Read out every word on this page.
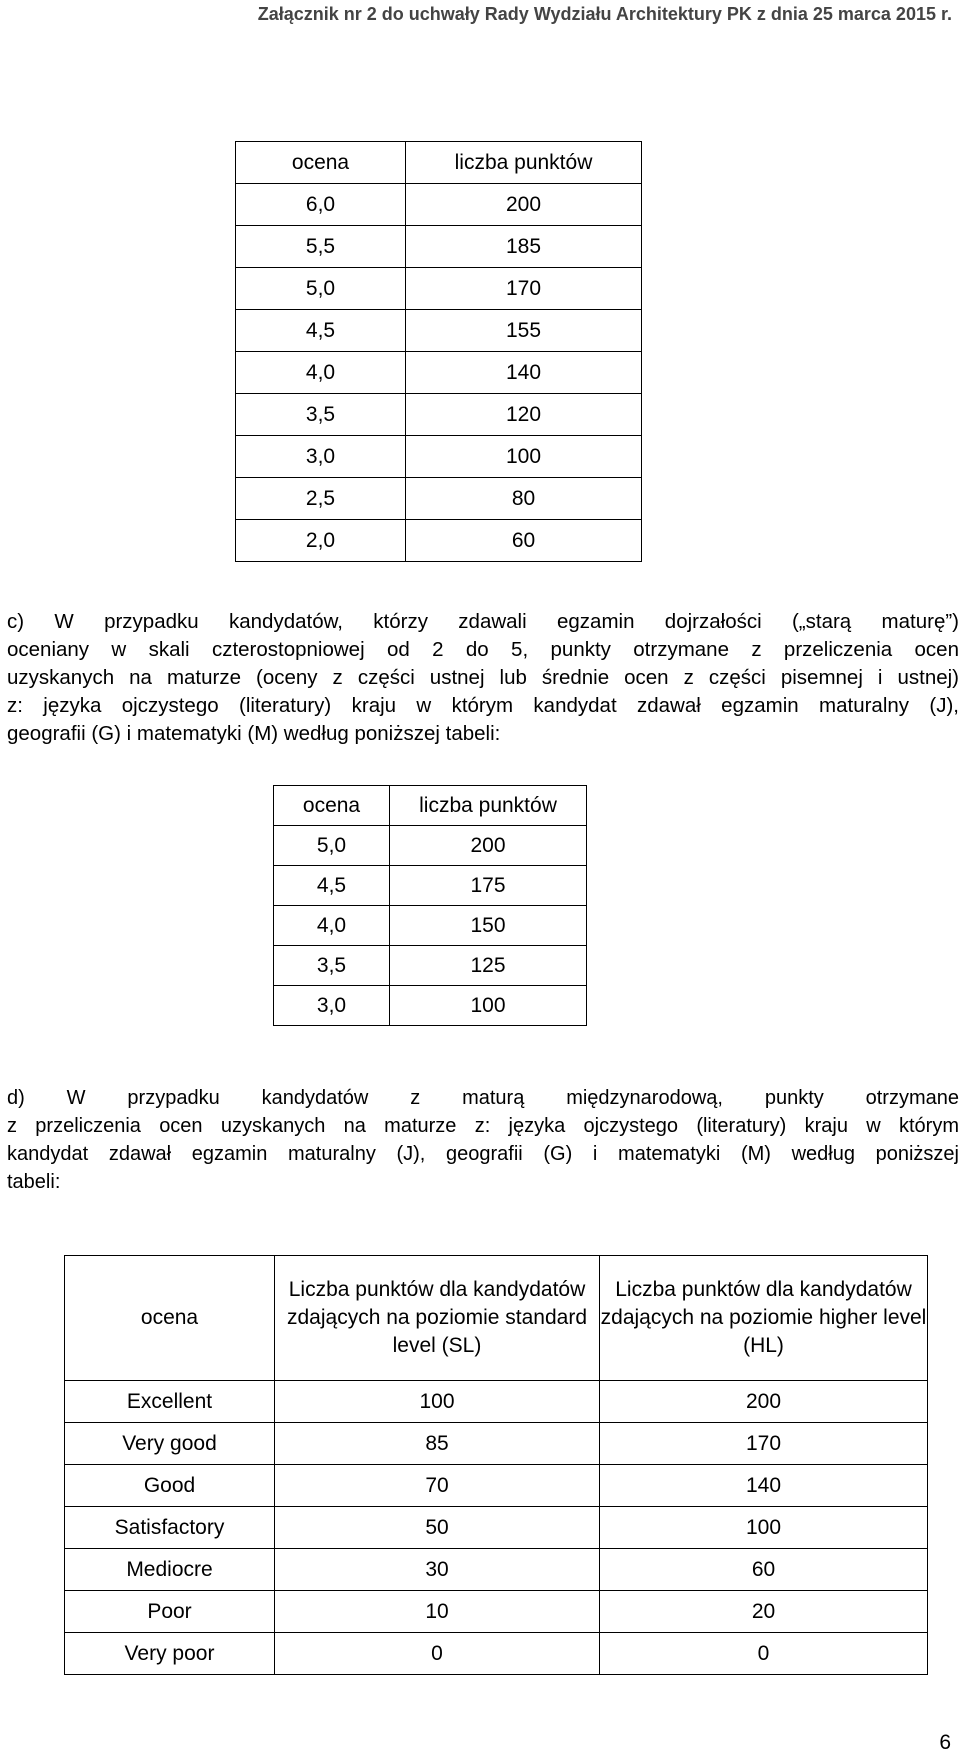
Załącznik nr 2 do uchwały Rady Wydziału Architektury PK z dnia 25 marca 2015 r.
ocena	liczba punktów
6,0	200
5,5	185
5,0	170
4,5	155
4,0	140
3,5	120
3,0	100
2,5	80
2,0	60
c) W przypadku kandydatów, którzy zdawali egzamin dojrzałości („starą maturę”)
oceniany w skali czterostopniowej od 2 do 5, punkty otrzymane z przeliczenia ocen
uzyskanych na maturze (oceny z części ustnej lub średnie ocen z części pisemnej i ustnej)
z: języka ojczystego (literatury) kraju w którym kandydat zdawał egzamin maturalny (J),
geografii (G) i matematyki (M) według poniższej tabeli:
ocena	liczba punktów
5,0	200
4,5	175
4,0	150
3,5	125
3,0	100
d) W przypadku kandydatów z maturą międzynarodową, punkty otrzymane
z przeliczenia ocen uzyskanych na maturze z: języka ojczystego (literatury) kraju w którym
kandydat zdawał egzamin maturalny (J), geografii (G) i matematyki (M) według poniższej
tabeli:
ocena	Liczba punktów dla kandydatów zdających na poziomie standard level (SL)	Liczba punktów dla kandydatów zdających na poziomie higher level (HL)
Excellent	100	200
Very good	85	170
Good	70	140
Satisfactory	50	100
Mediocre	30	60
Poor	10	20
Very poor	0	0
6
